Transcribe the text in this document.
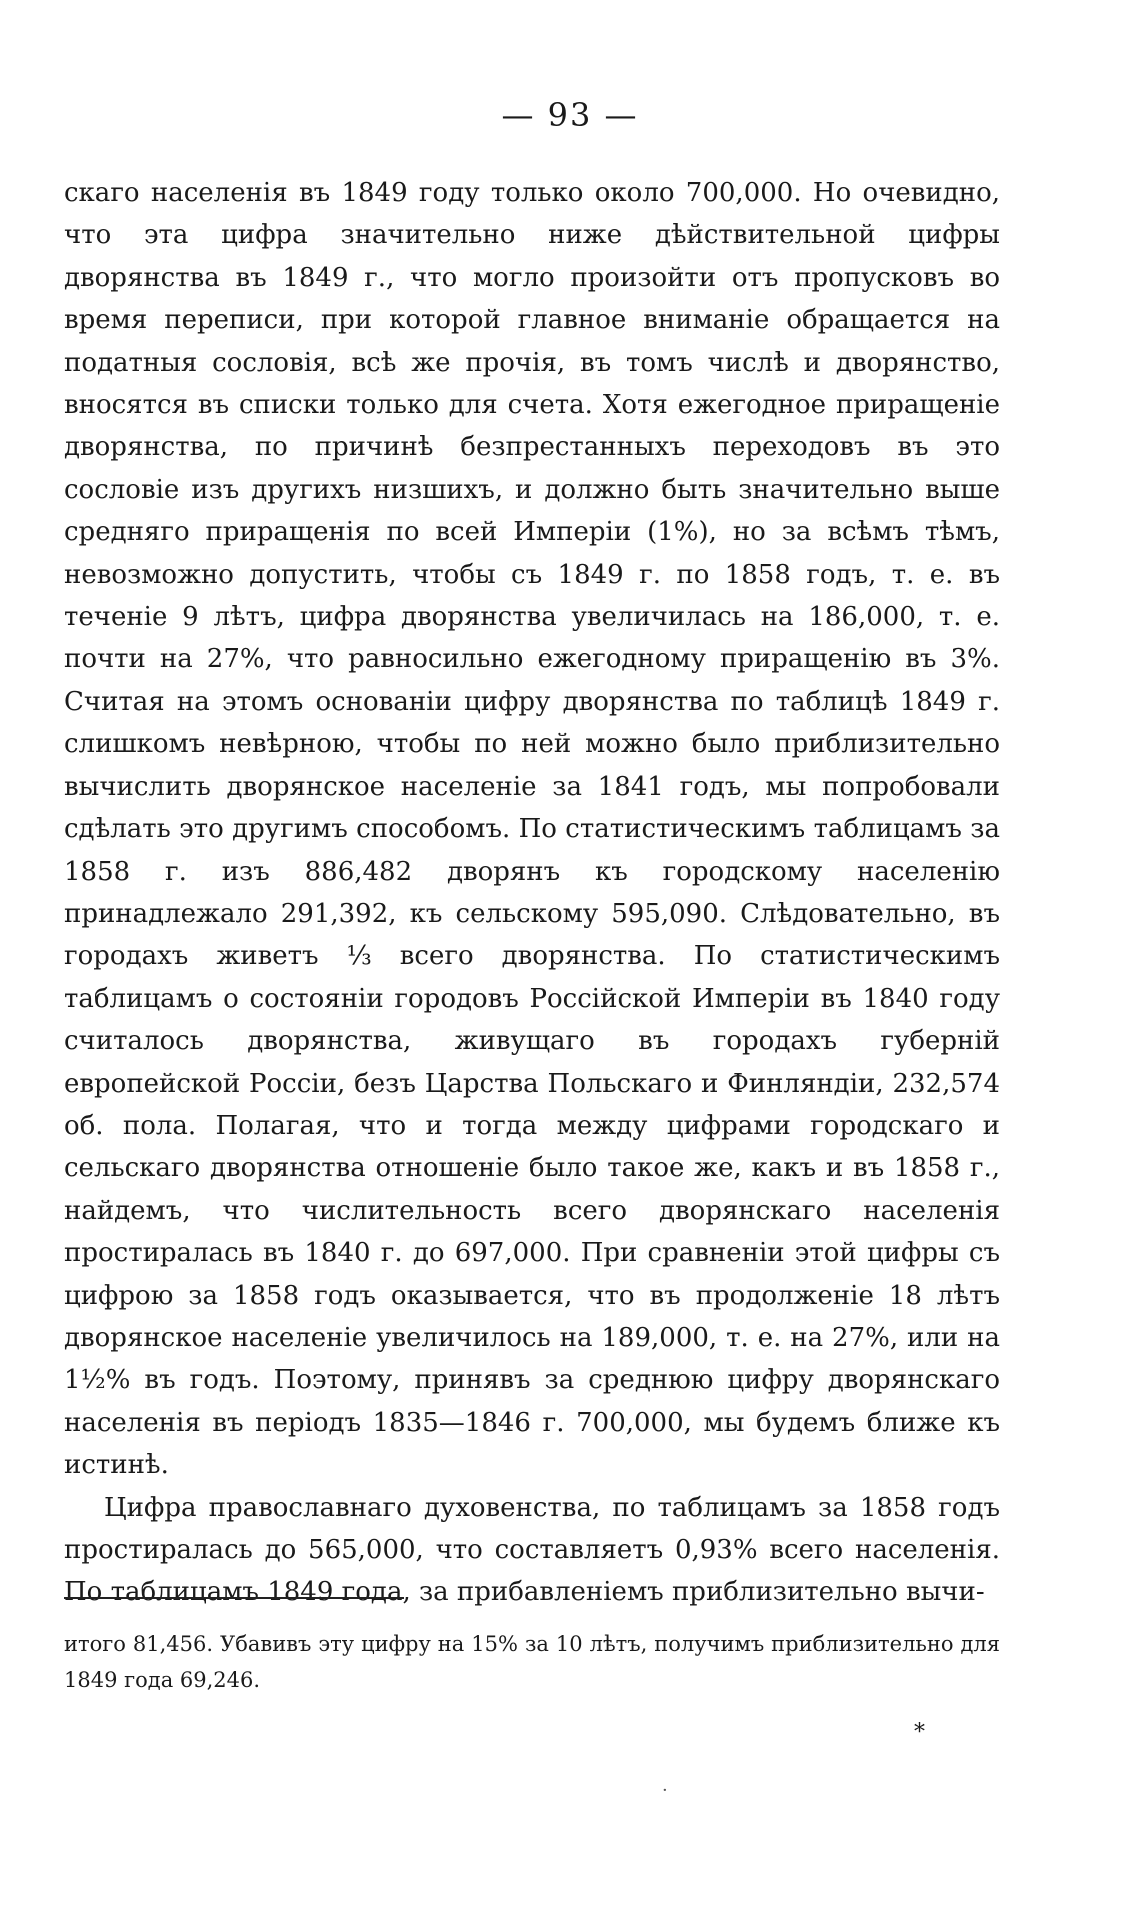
— 93 —

скаго населенія въ 1849 году только около 700,000. Но очевидно, что эта цифра значительно ниже дѣйствительной цифры дворянства въ 1849 г., что могло произойти отъ пропусковъ во время переписи, при которой главное вниманіе обращается на податныя сословія, всѣ же прочія, въ томъ числѣ и дворянство, вносятся въ списки только для счета. Хотя ежегодное приращеніе дворянства, по причинѣ безпрестанныхъ переходовъ въ это сословіе изъ другихъ низшихъ, и должно быть значительно выше средняго приращенія по всей Имперіи (1%), но за всѣмъ тѣмъ, невозможно допустить, чтобы съ 1849 г. по 1858 годъ, т. е. въ теченіе 9 лѣтъ, цифра дворянства увеличилась на 186,000, т. е. почти на 27%, что равносильно ежегодному приращенію въ 3%. Считая на этомъ основаніи цифру дворянства по таблицѣ 1849 г. слишкомъ невѣрною, чтобы по ней можно было приблизительно вычислить дворянское населеніе за 1841 годъ, мы попробовали сдѣлать это другимъ способомъ. По статистическимъ таблицамъ за 1858 г. изъ 886,482 дворянъ къ городскому населенію принадлежало 291,392, къ сельскому 595,090. Слѣдовательно, въ городахъ живетъ ⅓ всего дворянства. По статистическимъ таблицамъ о состояніи городовъ Россійской Имперіи въ 1840 году считалось дворянства, живущаго въ городахъ губерній европейской Россіи, безъ Царства Польскаго и Финляндіи, 232,574 об. пола. Полагая, что и тогда между цифрами городскаго и сельскаго дворянства отношеніе было такое же, какъ и въ 1858 г., найдемъ, что числительность всего дворянскаго населенія простиралась въ 1840 г. до 697,000. При сравненіи этой цифры съ цифрою за 1858 годъ оказывается, что въ продолженіе 18 лѣтъ дворянское населеніе увеличилось на 189,000, т. е. на 27%, или на 1½% въ годъ. Поэтому, принявъ за среднюю цифру дворянскаго населенія въ періодъ 1835—1846 г. 700,000, мы будемъ ближе къ истинѣ.

Цифра православнаго духовенства, по таблицамъ за 1858 годъ простиралась до 565,000, что составляетъ 0,93% всего населенія. По таблицамъ 1849 года, за прибавленіемъ приблизительно вычи-

итого 81,456. Убавивъ эту цифру на 15% за 10 лѣтъ, получимъ приблизительно для 1849 года 69,246.

*
·
